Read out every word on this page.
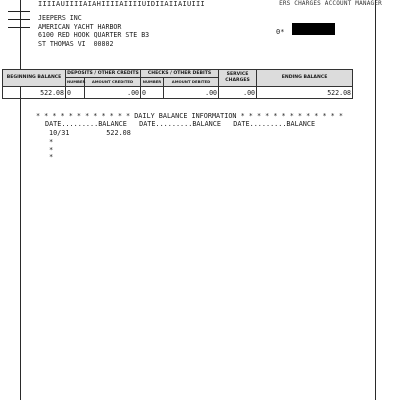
IIIIAUIIIIAIAHIIIIAIIIIUIDIIAIIAIUIII	ERS CHARGES ACCOUNT MANAGER
JEEPERS INC
AMERICAN YACHT HARBOR
6100 RED HOOK QUARTER STE B3
ST THOMAS VI  00802
0*
BEGINNING BALANCE	DEPOSITS / OTHER CREDITS		CHECKS / OTHER DEBITS		SERVICE CHARGES	ENDING BALANCE
	NUMBER	AMOUNT CREDITED	NUMBER	AMOUNT DEBITED		
522.08	0	.00	0	.00	.00	522.08
* * * * * * * * * * * * DAILY BALANCE INFORMATION * * * * * * * * * * * * *
DATE.........BALANCE   DATE.........BALANCE   DATE.........BALANCE
10/31         522.08
*
*
*
